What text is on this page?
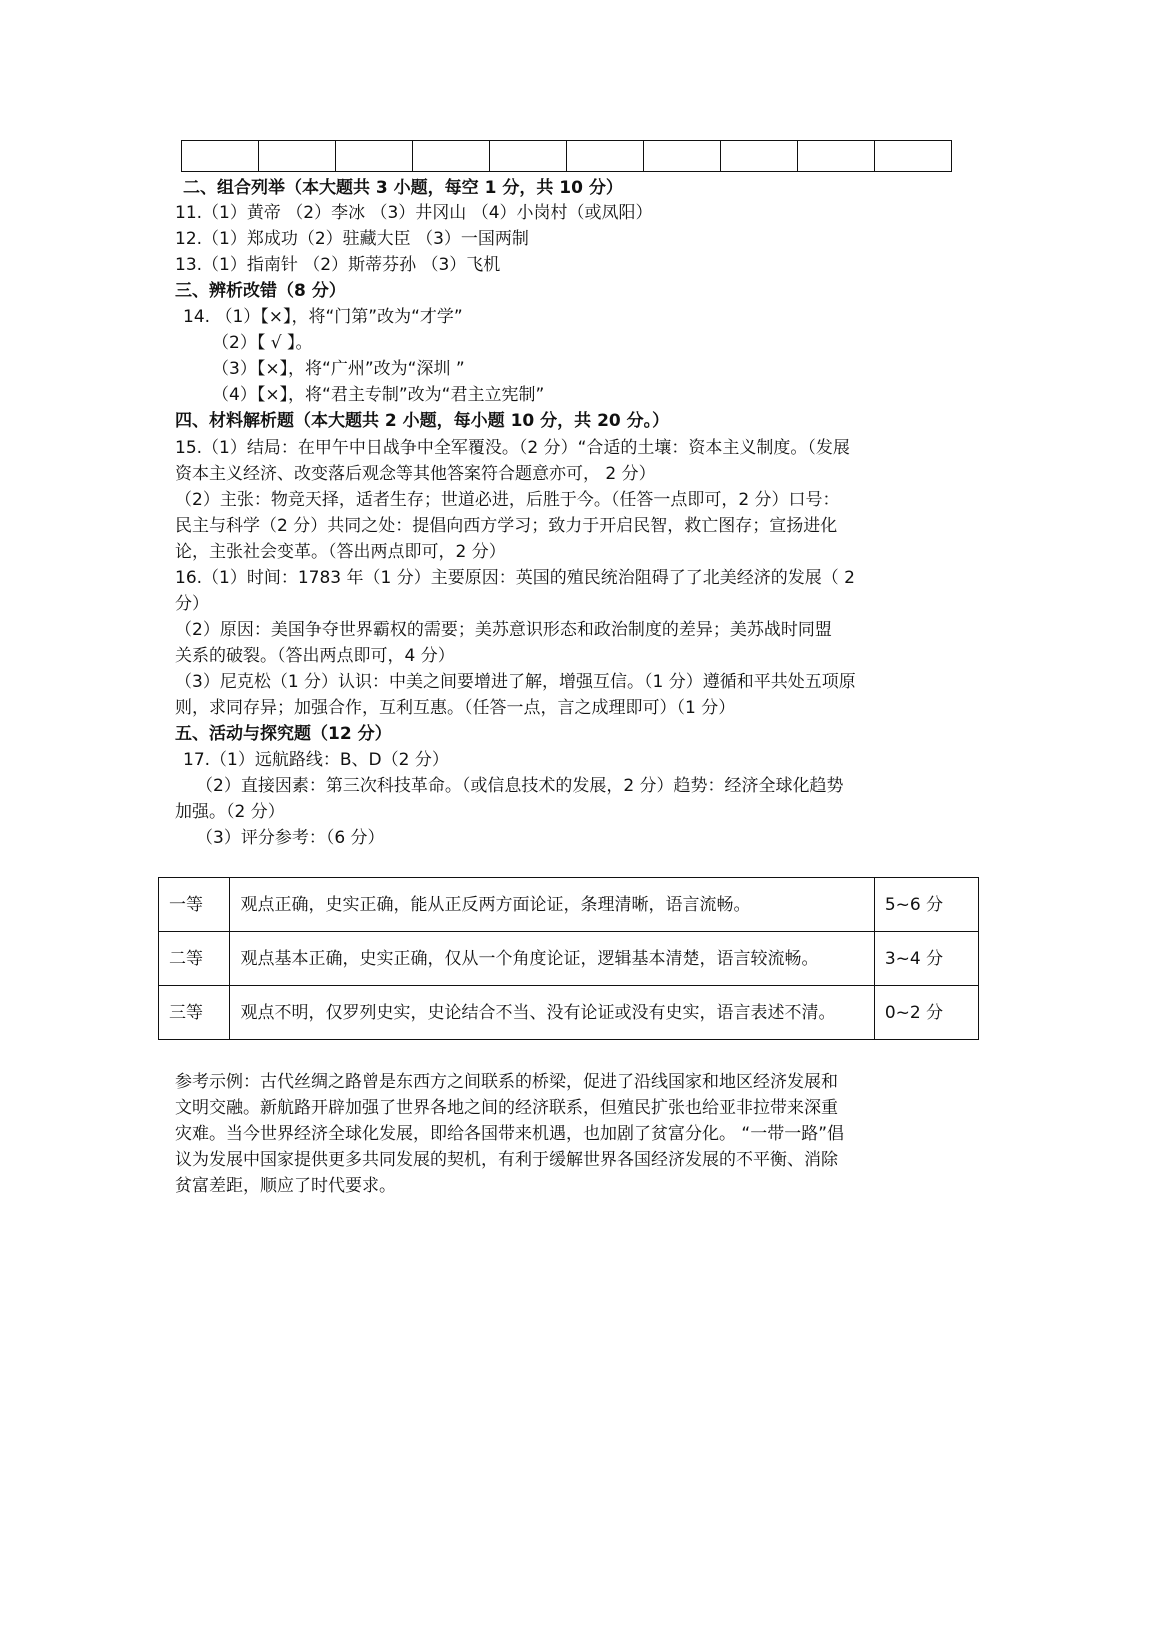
二、组合列举（本大题共 3 小题，每空 1 分，共 10 分）
11.（1）黄帝 （2）李冰 （3）井冈山 （4）小岗村（或凤阳）
12.（1）郑成功（2）驻藏大臣 （3）一国两制
13.（1）指南针 （2）斯蒂芬孙 （3）飞机
三、辨析改错（8 分）
14. （1）【×】，将“门第”改为“才学”
（2）【 √ 】。
（3）【×】，将“广州”改为“深圳 ”
（4）【×】，将“君主专制”改为“君主立宪制”
四、材料解析题（本大题共 2 小题，每小题 10 分，共 20 分。）
15.（1）结局：在甲午中日战争中全军覆没。（2 分）“合适的土壤：资本主义制度。（发展
资本主义经济、改变落后观念等其他答案符合题意亦可， 2 分）
（2）主张：物竞天择，适者生存；世道必进，后胜于今。（任答一点即可，2 分）口号：
民主与科学（2 分）共同之处：提倡向西方学习；致力于开启民智，救亡图存；宣扬进化
论，主张社会变革。（答出两点即可，2 分）
16.（1）时间：1783 年（1 分）主要原因：英国的殖民统治阻碍了了北美经济的发展（ 2
分）
（2）原因：美国争夺世界霸权的需要；美苏意识形态和政治制度的差异；美苏战时同盟
关系的破裂。（答出两点即可，4 分）
（3）尼克松（1 分）认识：中美之间要增进了解，增强互信。（1 分）遵循和平共处五项原
则，求同存异；加强合作，互利互惠。（任答一点，言之成理即可）（1 分）
五、活动与探究题（12 分）
17.（1）远航路线：B、D（2 分）
（2）直接因素：第三次科技革命。（或信息技术的发展，2 分）趋势：经济全球化趋势
加强。（2 分）
（3）评分参考：（6 分）
一等	观点正确，史实正确，能从正反两方面论证，条理清晰，语言流畅。	5~6 分
二等	观点基本正确，史实正确，仅从一个角度论证，逻辑基本清楚，语言较流畅。	3~4 分
三等	观点不明，仅罗列史实，史论结合不当、没有论证或没有史实，语言表述不清。	0~2 分
参考示例：古代丝绸之路曾是东西方之间联系的桥梁，促进了沿线国家和地区经济发展和
文明交融。新航路开辟加强了世界各地之间的经济联系，但殖民扩张也给亚非拉带来深重
灾难。当今世界经济全球化发展，即给各国带来机遇，也加剧了贫富分化。 “一带一路”倡
议为发展中国家提供更多共同发展的契机，有利于缓解世界各国经济发展的不平衡、消除
贫富差距，顺应了时代要求。
